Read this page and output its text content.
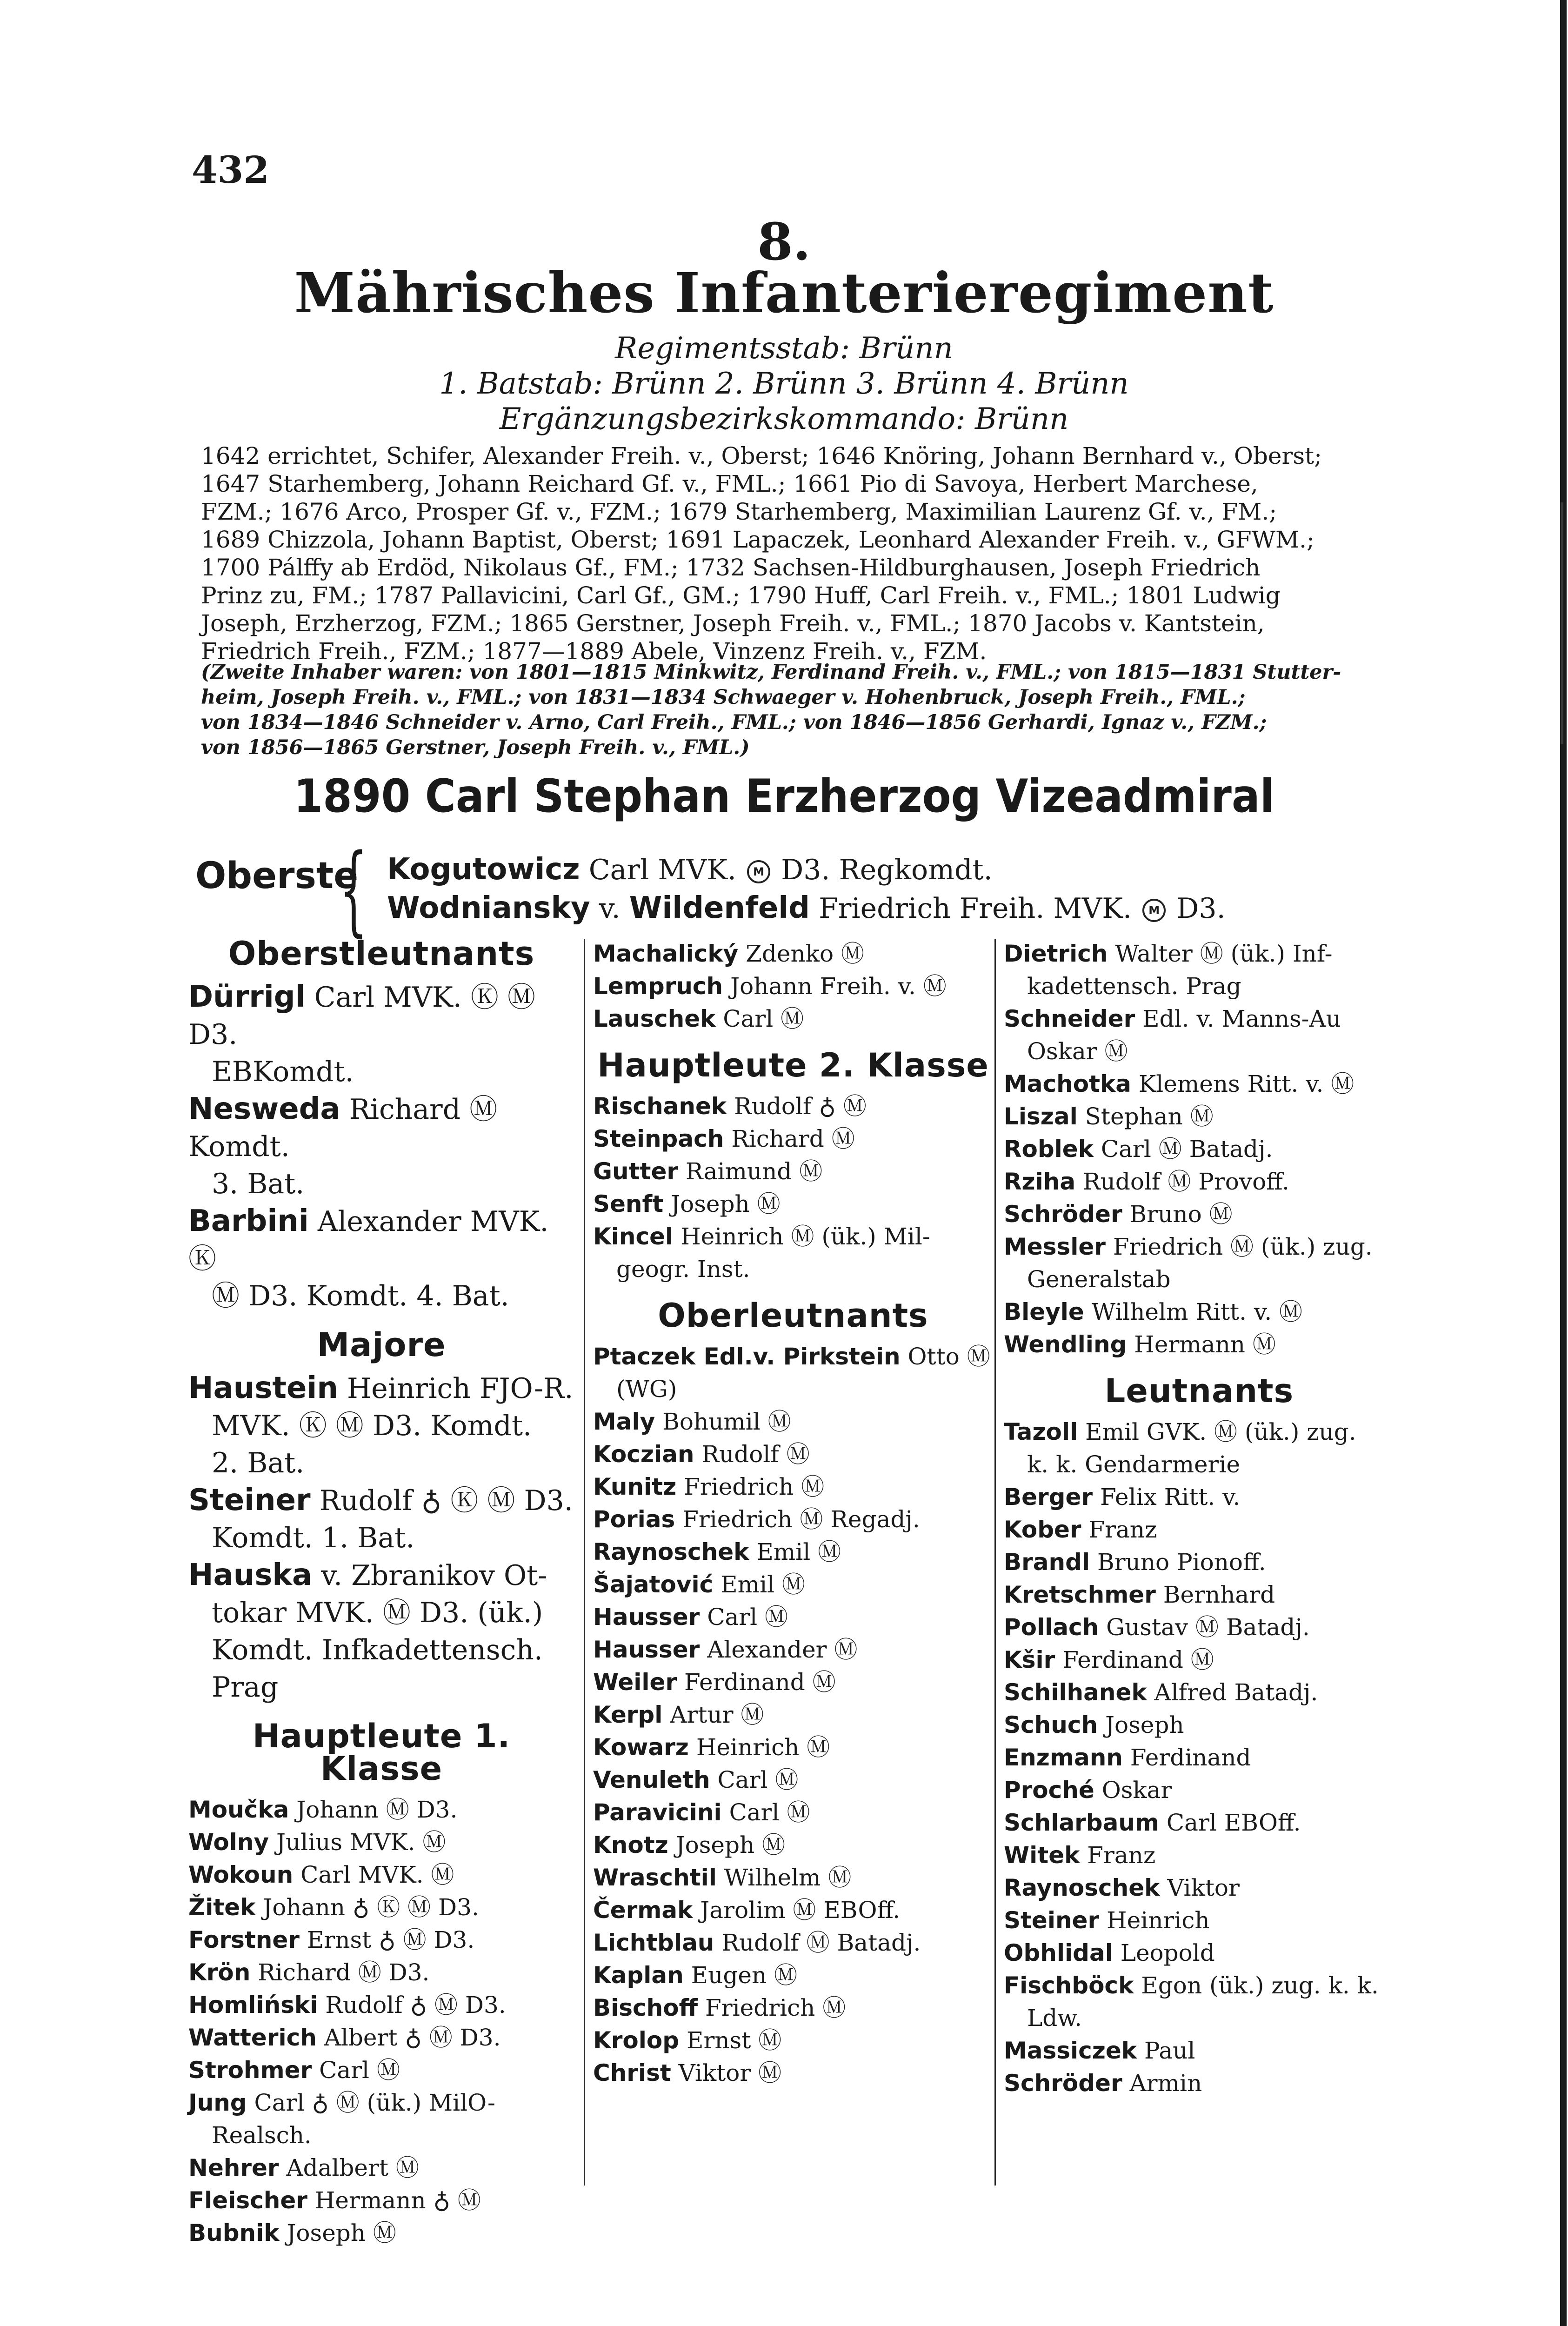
432
8.
Mährisches Infanterieregiment
Regimentsstab: Brünn
1. Batstab: Brünn 2. Brünn 3. Brünn 4. Brünn
Ergänzungsbezirkskommando: Brünn

1642 errichtet, Schifer, Alexander Freih. v., Oberst; 1646 Knöring, Johann Bernhard v., Oberst;

1647 Starhemberg, Johann Reichard Gf. v., FML.; 1661 Pio di Savoya, Herbert Marchese,

FZM.; 1676 Arco, Prosper Gf. v., FZM.; 1679 Starhemberg, Maximilian Laurenz Gf. v., FM.;

1689 Chizzola, Johann Baptist, Oberst; 1691 Lapaczek, Leonhard Alexander Freih. v., GFWM.;

1700 Pálffy ab Erdöd, Nikolaus Gf., FM.; 1732 Sachsen-Hildburghausen, Joseph Friedrich

Prinz zu, FM.; 1787 Pallavicini, Carl Gf., GM.; 1790 Huff, Carl Freih. v., FML.; 1801 Ludwig

Joseph, Erzherzog, FZM.; 1865 Gerstner, Joseph Freih. v., FML.; 1870 Jacobs v. Kantstein,

Friedrich Freih., FZM.; 1877—1889 Abele, Vinzenz Freih. v., FZM.

(Zweite Inhaber waren: von 1801—1815 Minkwitz, Ferdinand Freih. v., FML.; von 1815—1831 Stutter-

heim, Joseph Freih. v., FML.; von 1831—1834 Schwaeger v. Hohenbruck, Joseph Freih., FML.;

von 1834—1846 Schneider v. Arno, Carl Freih., FML.; von 1846—1856 Gerhardi, Ignaz v., FZM.;

von 1856—1865 Gerstner, Joseph Freih. v., FML.)

1890 Carl Stephan Erzherzog Vizeadmiral
Oberste
{ Kogutowicz Carl MVK. M D3. Regkomdt.
Wodniansky v. Wildenfeld Friedrich Freih. MVK. M D3.
Oberstleutnants
Dürrigl Carl MVK. Ⓚ Ⓜ D3.
EBKomdt.
Nesweda Richard Ⓜ Komdt.
3. Bat.
Barbini Alexander MVK. Ⓚ
Ⓜ D3. Komdt. 4. Bat.
Majore
Haustein Heinrich FJO-R.
MVK. Ⓚ Ⓜ D3. Komdt.
2. Bat.
Steiner Rudolf ♁ Ⓚ Ⓜ D3.
Komdt. 1. Bat.
Hauska v. Zbranikov Ot-
tokar MVK. Ⓜ D3. (ük.)
Komdt. Infkadettensch. Prag
Hauptleute 1. Klasse
Moučka Johann Ⓜ D3.
Wolny Julius MVK. Ⓜ
Wokoun Carl MVK. Ⓜ
Žitek Johann ♁ Ⓚ Ⓜ D3.
Forstner Ernst ♁ Ⓜ D3.
Krön Richard Ⓜ D3.
Homliński Rudolf ♁ Ⓜ D3.
Watterich Albert ♁ Ⓜ D3.
Strohmer Carl Ⓜ
Jung Carl ♁ Ⓜ (ük.) MilO-
Realsch.
Nehrer Adalbert Ⓜ
Fleischer Hermann ♁ Ⓜ
Bubnik Joseph Ⓜ
Machalický Zdenko Ⓜ
Lempruch Johann Freih. v. Ⓜ
Lauschek Carl Ⓜ
Hauptleute 2. Klasse
Rischanek Rudolf ♁ Ⓜ
Steinpach Richard Ⓜ
Gutter Raimund Ⓜ
Senft Joseph Ⓜ
Kincel Heinrich Ⓜ (ük.) Mil-
geogr. Inst.
Oberleutnants
Ptaczek Edl.v. Pirkstein Otto Ⓜ
(WG)
Maly Bohumil Ⓜ
Koczian Rudolf Ⓜ
Kunitz Friedrich Ⓜ
Porias Friedrich Ⓜ Regadj.
Raynoschek Emil Ⓜ
Šajatović Emil Ⓜ
Hausser Carl Ⓜ
Hausser Alexander Ⓜ
Weiler Ferdinand Ⓜ
Kerpl Artur Ⓜ
Kowarz Heinrich Ⓜ
Venuleth Carl Ⓜ
Paravicini Carl Ⓜ
Knotz Joseph Ⓜ
Wraschtil Wilhelm Ⓜ
Čermak Jarolim Ⓜ EBOff.
Lichtblau Rudolf Ⓜ Batadj.
Kaplan Eugen Ⓜ
Bischoff Friedrich Ⓜ
Krolop Ernst Ⓜ
Christ Viktor Ⓜ
Dietrich Walter Ⓜ (ük.) Inf-
kadettensch. Prag
Schneider Edl. v. Manns-Au
Oskar Ⓜ
Machotka Klemens Ritt. v. Ⓜ
Liszal Stephan Ⓜ
Roblek Carl Ⓜ Batadj.
Rziha Rudolf Ⓜ Provoff.
Schröder Bruno Ⓜ
Messler Friedrich Ⓜ (ük.) zug.
Generalstab
Bleyle Wilhelm Ritt. v. Ⓜ
Wendling Hermann Ⓜ
Leutnants
Tazoll Emil GVK. Ⓜ (ük.) zug.
k. k. Gendarmerie
Berger Felix Ritt. v.
Kober Franz
Brandl Bruno Pionoff.
Kretschmer Bernhard
Pollach Gustav Ⓜ Batadj.
Kšir Ferdinand Ⓜ
Schilhanek Alfred Batadj.
Schuch Joseph
Enzmann Ferdinand
Proché Oskar
Schlarbaum Carl EBOff.
Witek Franz
Raynoschek Viktor
Steiner Heinrich
Obhlidal Leopold
Fischböck Egon (ük.) zug. k. k.
Ldw.
Massiczek Paul
Schröder Armin
